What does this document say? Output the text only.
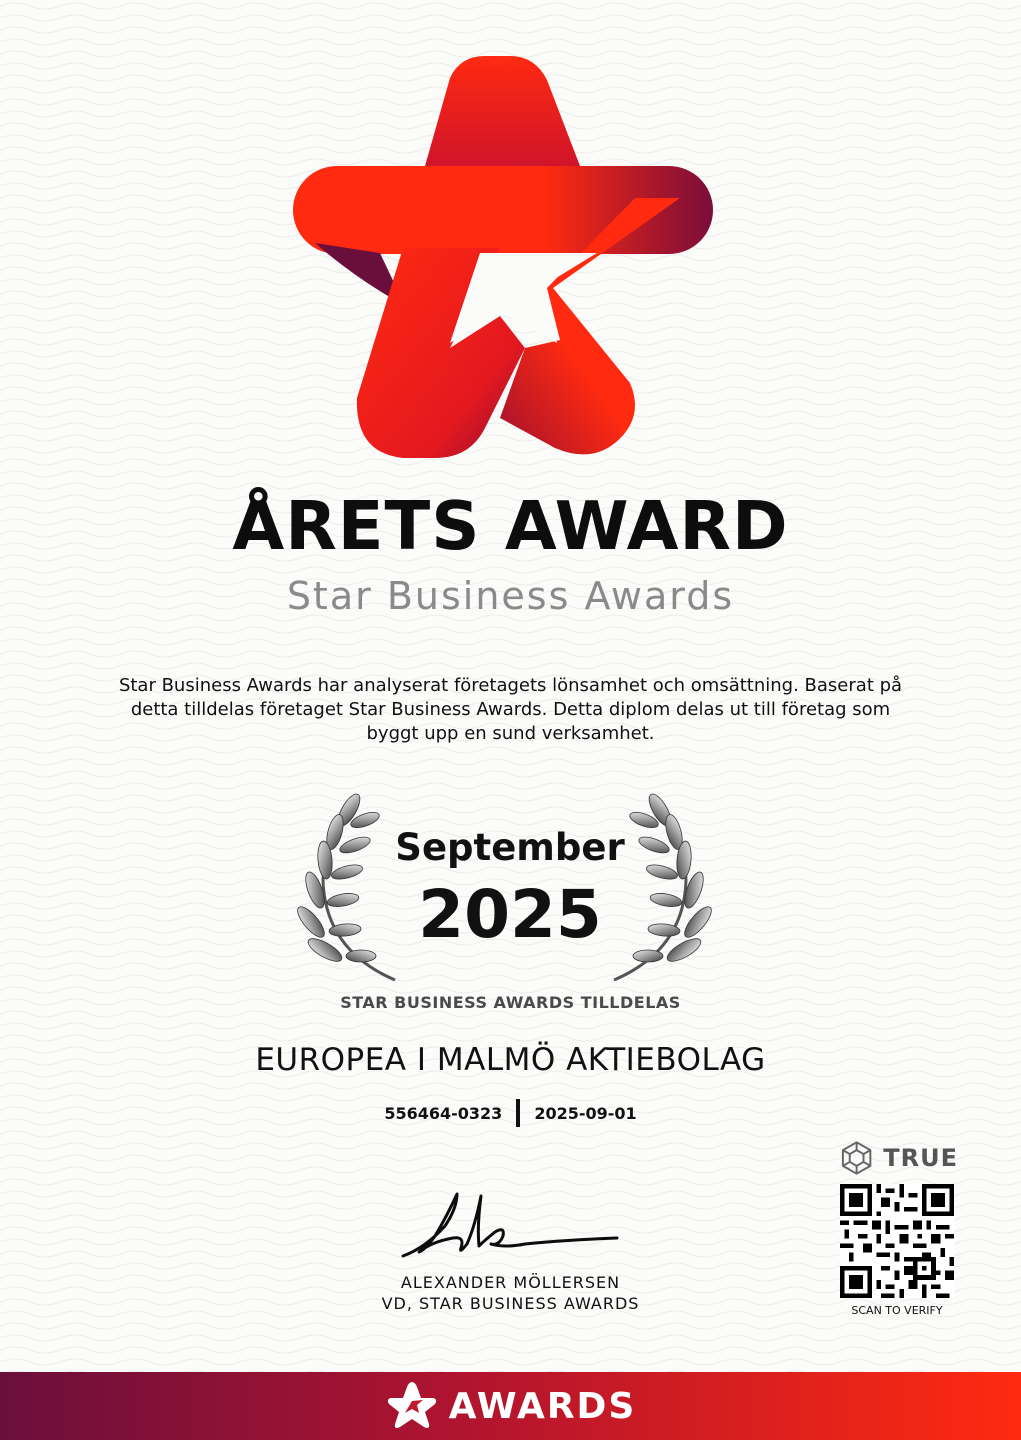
ÅRETS AWARD
Star Business Awards
Star Business Awards har analyserat företagets lönsamhet och omsättning. Baserat på detta tilldelas företaget Star Business Awards. Detta diplom delas ut till företag som byggt upp en sund verksamhet.
September
2025
STAR BUSINESS AWARDS TILLDELAS
EUROPEA I MALMÖ AKTIEBOLAG
556464-0323 2025-09-01
ALEXANDER MÖLLERSEN
VD, STAR BUSINESS AWARDS
TRUE
SCAN TO VERIFY
AWARDS
